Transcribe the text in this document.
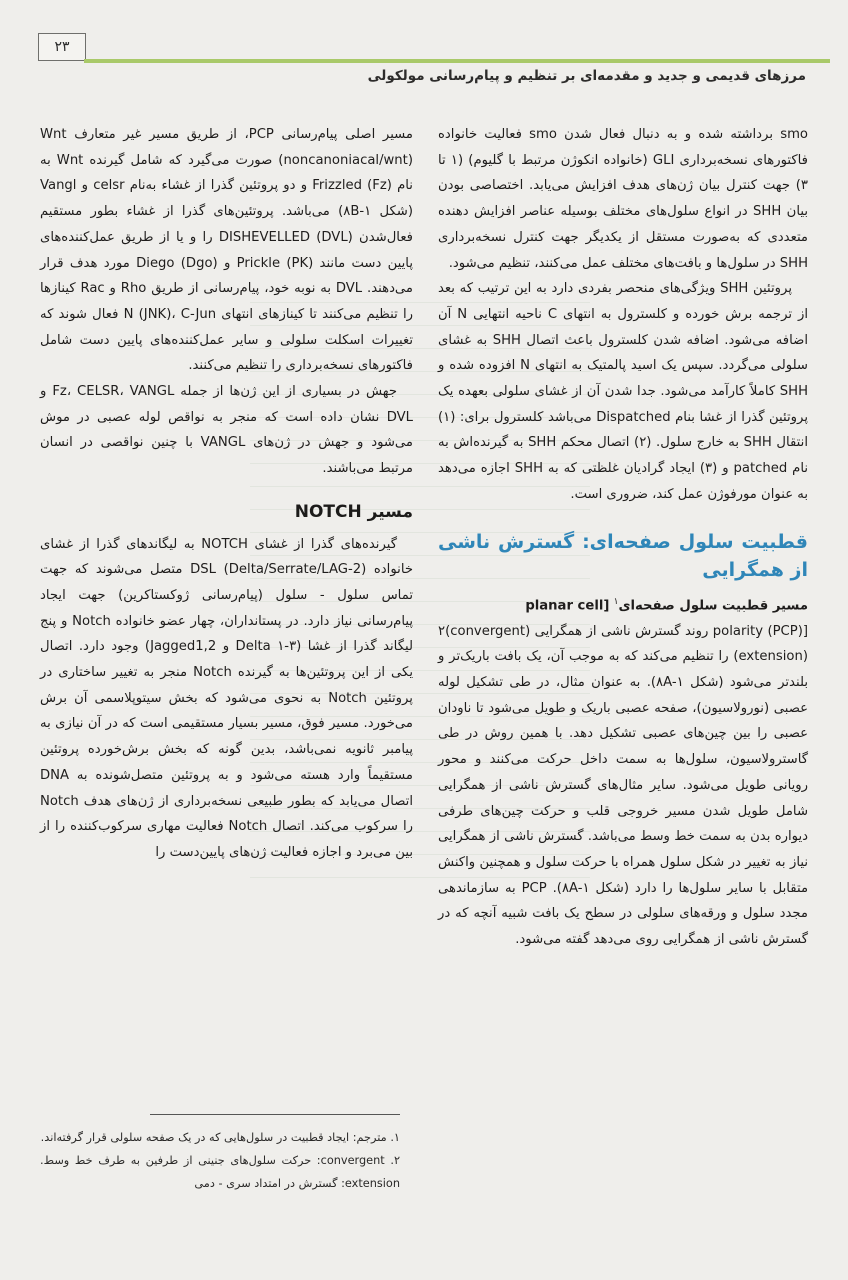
۲۳
مرزهای قدیمی و جدید و مقدمه‌ای بر تنظیم و پیام‌رسانی مولکولی

smo برداشته شده و به دنبال فعال شدن smo فعالیت خانواده فاکتورهای نسخه‌برداری GLI (خانواده انکوژن مرتبط با گلیوم) (۱ تا ۳) جهت کنترل بیان ژن‌های هدف افزایش می‌یابد. اختصاصی بودن بیان SHH در انواع سلول‌های مختلف بوسیله عناصر افزایش دهنده متعددی که به‌صورت مستقل از یکدیگر جهت کنترل نسخه‌برداری SHH در سلول‌ها و بافت‌های مختلف عمل می‌کنند، تنظیم می‌شود.

پروتئین SHH ویژگی‌های منحصر بفردی دارد به این ترتیب که بعد از ترجمه برش خورده و کلسترول به انتهای C ناحیه انتهایی N آن اضافه می‌شود. اضافه شدن کلسترول باعث اتصال SHH به غشای سلولی می‌گردد. سپس یک اسید پالمتیک به انتهای N افزوده شده و SHH کاملاً کارآمد می‌شود. جدا شدن آن از غشای سلولی بعهده یک پروتئین گذرا از غشا بنام Dispatched می‌باشد کلسترول برای: (۱) انتقال SHH به خارج سلول. (۲) اتصال محکم SHH به گیرنده‌اش به نام patched و (۳) ایجاد گرادیان غلظتی که به SHH اجازه می‌دهد به عنوان مورفوژن عمل کند، ضروری است.

قطبیت سلول صفحه‌ای: گسترش ناشی از همگرایی
مسیر قطبیت سلول صفحه‌ای$^۱$ [planar cell

[(polarity (PCP روند گسترش ناشی از همگرایی (convergent)۲ (extension) را تنظیم می‌کند که به موجب آن، یک بافت باریک‌تر و بلندتر می‌شود (شکل ۸A-۱). به عنوان مثال، در طی تشکیل لوله عصبی (نورولاسیون)، صفحه عصبی باریک و طویل می‌شود تا ناودان عصبی را بین چین‌های عصبی تشکیل دهد. با همین روش در طی گاسترولاسیون، سلول‌ها به سمت داخل حرکت می‌کنند و محور رویانی طویل می‌شود. سایر مثال‌های گسترش ناشی از همگرایی شامل طویل شدن مسیر خروجی قلب و حرکت چین‌های طرفی دیواره بدن به سمت خط وسط می‌باشد. گسترش ناشی از همگرایی نیاز به تغییر در شکل سلول همراه با حرکت سلول و همچنین واکنش متقابل با سایر سلول‌ها را دارد (شکل ۸A-۱). PCP به سازماندهی مجدد سلول و ورقه‌های سلولی در سطح یک بافت شبیه آنچه که در گسترش ناشی از همگرایی روی می‌دهد گفته می‌شود.

مسیر اصلی پیام‌رسانی PCP، از طریق مسیر غیر متعارف Wnt (noncanoniacal/wnt) صورت می‌گیرد که شامل گیرنده Wnt به نام Frizzled (Fz) و دو پروتئین گذرا از غشاء به‌نام celsr و Vangl (شکل ۸B-۱) می‌باشد. پروتئین‌های گذرا از غشاء بطور مستقیم فعال‌شدن DISHEVELLED (DVL) را و یا از طریق عمل‌کننده‌های پایین دست مانند Prickle (PK) و Diego (Dgo) مورد هدف قرار می‌دهند. DVL به نوبه خود، پیام‌رسانی از طریق Rho و Rac کینازها را تنظیم می‌کنند تا کینازهای انتهای N (JNK)، C-Jun فعال شوند که تغییرات اسکلت سلولی و سایر عمل‌کننده‌های پایین دست شامل فاکتورهای نسخه‌برداری را تنظیم می‌کنند.

جهش در بسیاری از این ژن‌ها از جمله Fz، CELSR، VANGL و DVL نشان داده است که منجر به نواقص لوله عصبی در موش می‌شود و جهش در ژن‌های VANGL با چنین نواقصی در انسان مرتبط می‌باشند.

مسیر NOTCH

گیرنده‌های گذرا از غشای NOTCH به لیگاندهای گذرا از غشای خانواده DSL (Delta/Serrate/LAG-2) متصل می‌شوند که جهت تماس سلول - سلول (پیام‌رسانی ژوکستاکرین) جهت ایجاد پیام‌رسانی نیاز دارد. در پستانداران، چهار عضو خانواده Notch و پنج لیگاند گذرا از غشا (۳-۱ Delta و Jagged1,2) وجود دارد. اتصال یکی از این پروتئین‌ها به گیرنده Notch منجر به تغییر ساختاری در پروتئین Notch به نحوی می‌شود که بخش سیتوپلاسمی آن برش می‌خورد. مسیر فوق، مسیر بسیار مستقیمی است که در آن نیازی به پیامبر ثانویه نمی‌باشد، بدین گونه که بخش برش‌خورده پروتئین مستقیماً وارد هسته می‌شود و به پروتئین متصل‌شونده به DNA اتصال می‌یابد که بطور طبیعی نسخه‌برداری از ژن‌های هدف Notch را سرکوب می‌کند. اتصال Notch فعالیت مهاری سرکوب‌کننده را از بین می‌برد و اجازه فعالیت ژن‌های پایین‌دست را

۱. مترجم: ایجاد قطبیت در سلول‌هایی که در یک صفحه سلولی قرار گرفته‌اند.

۲. convergent: حرکت سلول‌های جنینی از طرفین به طرف خط وسط. extension: گسترش در امتداد سری - دمی
